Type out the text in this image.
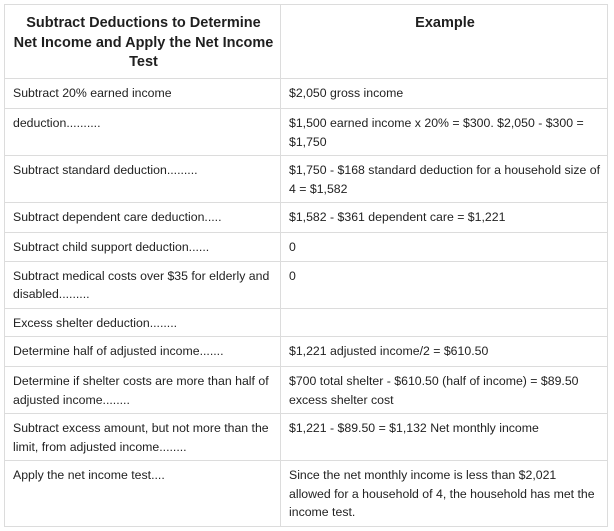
Subtract Deductions to Determine Net Income and Apply the Net Income Test	Example
Subtract 20% earned income	$2,050 gross income
deduction..........	$1,500 earned income x 20% = $300. $2,050 - $300 = $1,750
Subtract standard deduction.........	$1,750 - $168 standard deduction for a household size of 4 = $1,582
Subtract dependent care deduction.....	$1,582 - $361 dependent care = $1,221
Subtract child support deduction......	0
Subtract medical costs over $35 for elderly and disabled.........	0
Excess shelter deduction........	
Determine half of adjusted income.......	$1,221 adjusted income/2 = $610.50
Determine if shelter costs are more than half of adjusted income........	$700 total shelter - $610.50 (half of income) = $89.50 excess shelter cost
Subtract excess amount, but not more than the limit, from adjusted income........	$1,221 - $89.50 = $1,132 Net monthly income
Apply the net income test....	Since the net monthly income is less than $2,021 allowed for a household of 4, the household has met the income test.
